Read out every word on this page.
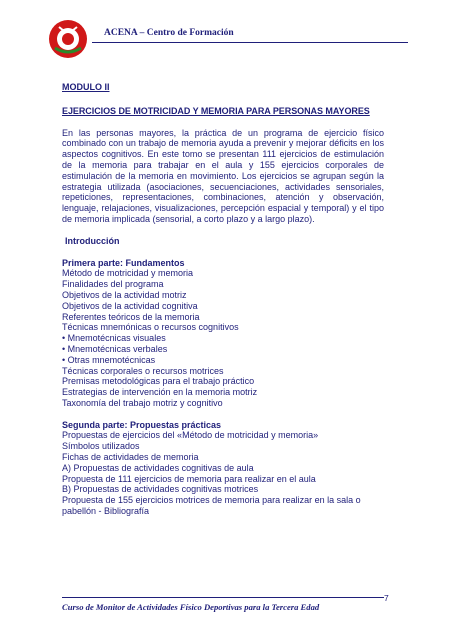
ACENA – Centro de Formación
MODULO II
EJERCICIOS DE MOTRICIDAD Y MEMORIA PARA PERSONAS MAYORES
En las personas mayores, la práctica de un programa de ejercicio físico combinado con un trabajo de memoria ayuda a prevenir y mejorar déficits en los aspectos cognitivos. En este tomo se presentan 111 ejercicios de estimulación de la memoria para trabajar en el aula y 155 ejercicios corporales de estimulación de la memoria en movimiento. Los ejercicios se agrupan según la estrategia utilizada (asociaciones, secuenciaciones, actividades sensoriales, repeticiones, representaciones, combinaciones, atención y observación, lenguaje, relajaciones, visualizaciones, percepción espacial y temporal) y el tipo de memoria implicada (sensorial, a corto plazo y a largo plazo).
Introducción
Primera parte: Fundamentos
Método de motricidad y memoria
Finalidades del programa
Objetivos de la actividad motriz
Objetivos de la actividad cognitiva
Referentes teóricos de la memoria
Técnicas mnemónicas o recursos cognitivos
• Mnemotécnicas visuales
• Mnemotécnicas verbales
• Otras mnemotécnicas
Técnicas corporales o recursos motrices
Premisas metodológicas para el trabajo práctico
Estrategias de intervención en la memoria motriz
Taxonomía del trabajo motriz y cognitivo
Segunda parte: Propuestas prácticas
Propuestas de ejercicios del «Método de motricidad y memoria»
Símbolos utilizados
Fichas de actividades de memoria
A) Propuestas de actividades cognitivas de aula
Propuesta de 111 ejercicios de memoria para realizar en el aula
B) Propuestas de actividades cognitivas motrices
Propuesta de 155 ejercicios motrices de memoria para realizar en la sala o
pabellón - Bibliografía
Curso de Monitor de Actividades Físico Deportivas para la Tercera Edad
7
